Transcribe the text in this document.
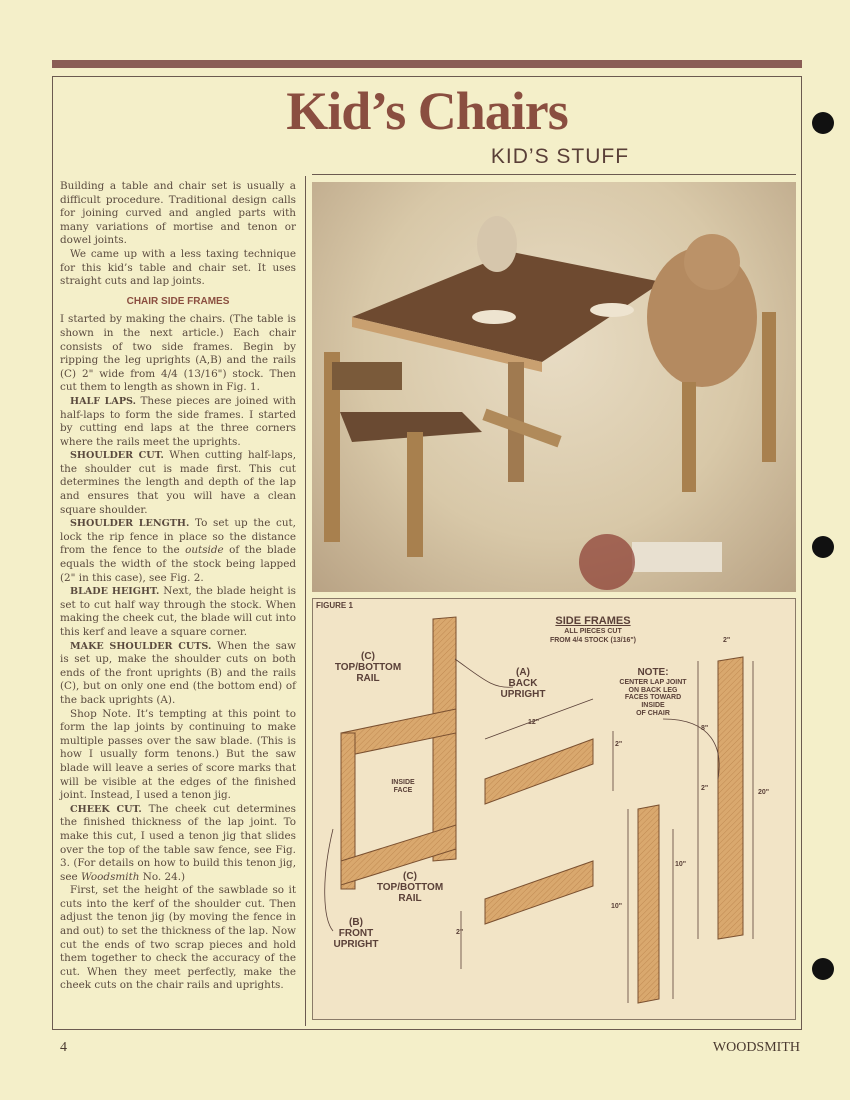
Kid’s Chairs
KID’S STUFF

Building a table and chair set is usually a difficult procedure. Traditional design calls for joining curved and angled parts with many variations of mortise and tenon or dowel joints.

We came up with a less taxing technique for this kid’s table and chair set. It uses straight cuts and lap joints.

CHAIR SIDE FRAMES

I started by making the chairs. (The table is shown in the next article.) Each chair consists of two side frames. Begin by ripping the leg uprights (A,B) and the rails (C) 2" wide from 4/4 (13/16") stock. Then cut them to length as shown in Fig. 1.

HALF LAPS. These pieces are joined with half-laps to form the side frames. I started by cutting end laps at the three corners where the rails meet the uprights.

SHOULDER CUT. When cutting half-laps, the shoulder cut is made first. This cut determines the length and depth of the lap and ensures that you will have a clean square shoulder.

SHOULDER LENGTH. To set up the cut, lock the rip fence in place so the distance from the fence to the outside of the blade equals the width of the stock being lapped (2" in this case), see Fig. 2.

BLADE HEIGHT. Next, the blade height is set to cut half way through the stock. When making the cheek cut, the blade will cut into this kerf and leave a square corner.

MAKE SHOULDER CUTS. When the saw is set up, make the shoulder cuts on both ends of the front uprights (B) and the rails (C), but on only one end (the bottom end) of the back uprights (A).

Shop Note. It’s tempting at this point to form the lap joints by continuing to make multiple passes over the saw blade. (This is how I usually form tenons.) But the saw blade will leave a series of score marks that will be visible at the edges of the finished joint. Instead, I used a tenon jig.

CHEEK CUT. The cheek cut determines the finished thickness of the lap joint. To make this cut, I used a tenon jig that slides over the top of the table saw fence, see Fig. 3. (For details on how to build this tenon jig, see Woodsmith No. 24.)

First, set the height of the sawblade so it cuts into the kerf of the shoulder cut. Then adjust the tenon jig (by moving the fence in and out) to set the thickness of the lap. Now cut the ends of two scrap pieces and hold them together to check the accuracy of the cut. When they meet perfectly, make the cheek cuts on the chair rails and uprights.

FIGURE 1
SIDE FRAMES
ALL PIECES CUT
FROM 4/4 STOCK (13/16")
(C)
TOP/BOTTOM
RAIL
(A)
BACK
UPRIGHT
INSIDE
FACE
(C)
TOP/BOTTOM
RAIL
(B)
FRONT
UPRIGHT
NOTE:
CENTER LAP JOINT
ON BACK LEG
FACES TOWARD
INSIDE
OF CHAIR
12"
2"
2"
8"
20"
2"
10"
10"
2"
4	WOODSMITH
